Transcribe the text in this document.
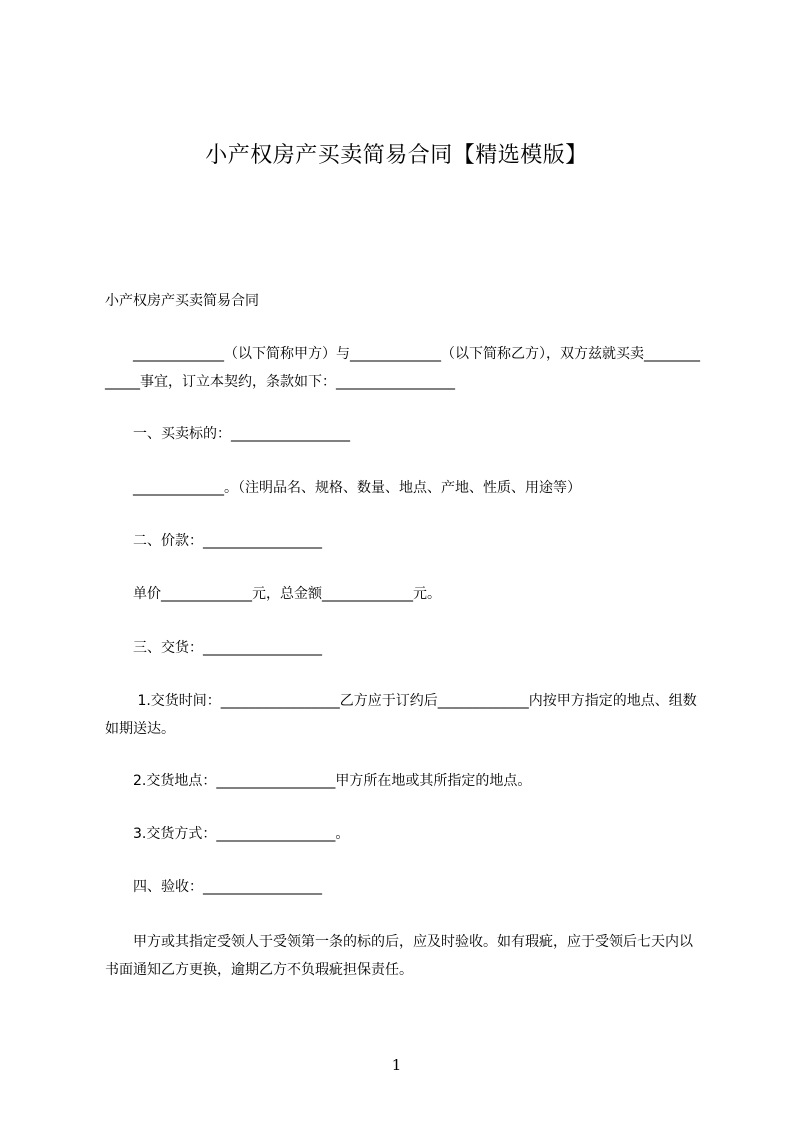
小产权房产买卖简易合同【精选模版】

小产权房产买卖简易合同

　　_____________（以下简称甲方）与_____________（以下简称乙方），双方兹就买卖_____________事宜，订立本契约，条款如下：_________________

　　一、买卖标的：_________________

　　_____________。（注明品名、规格、数量、地点、产地、性质、用途等）

　　二、价款：_________________

　　单价_____________元，总金额_____________元。

　　三、交货：_________________

　　 1.交货时间：_________________乙方应于订约后_____________内按甲方指定的地点、组数如期送达。

　　2.交货地点：_________________甲方所在地或其所指定的地点。

　　3.交货方式：_________________。

　　四、验收：_________________

　　甲方或其指定受领人于受领第一条的标的后，应及时验收。如有瑕疵，应于受领后七天内以书面通知乙方更换，逾期乙方不负瑕疵担保责任。

1
